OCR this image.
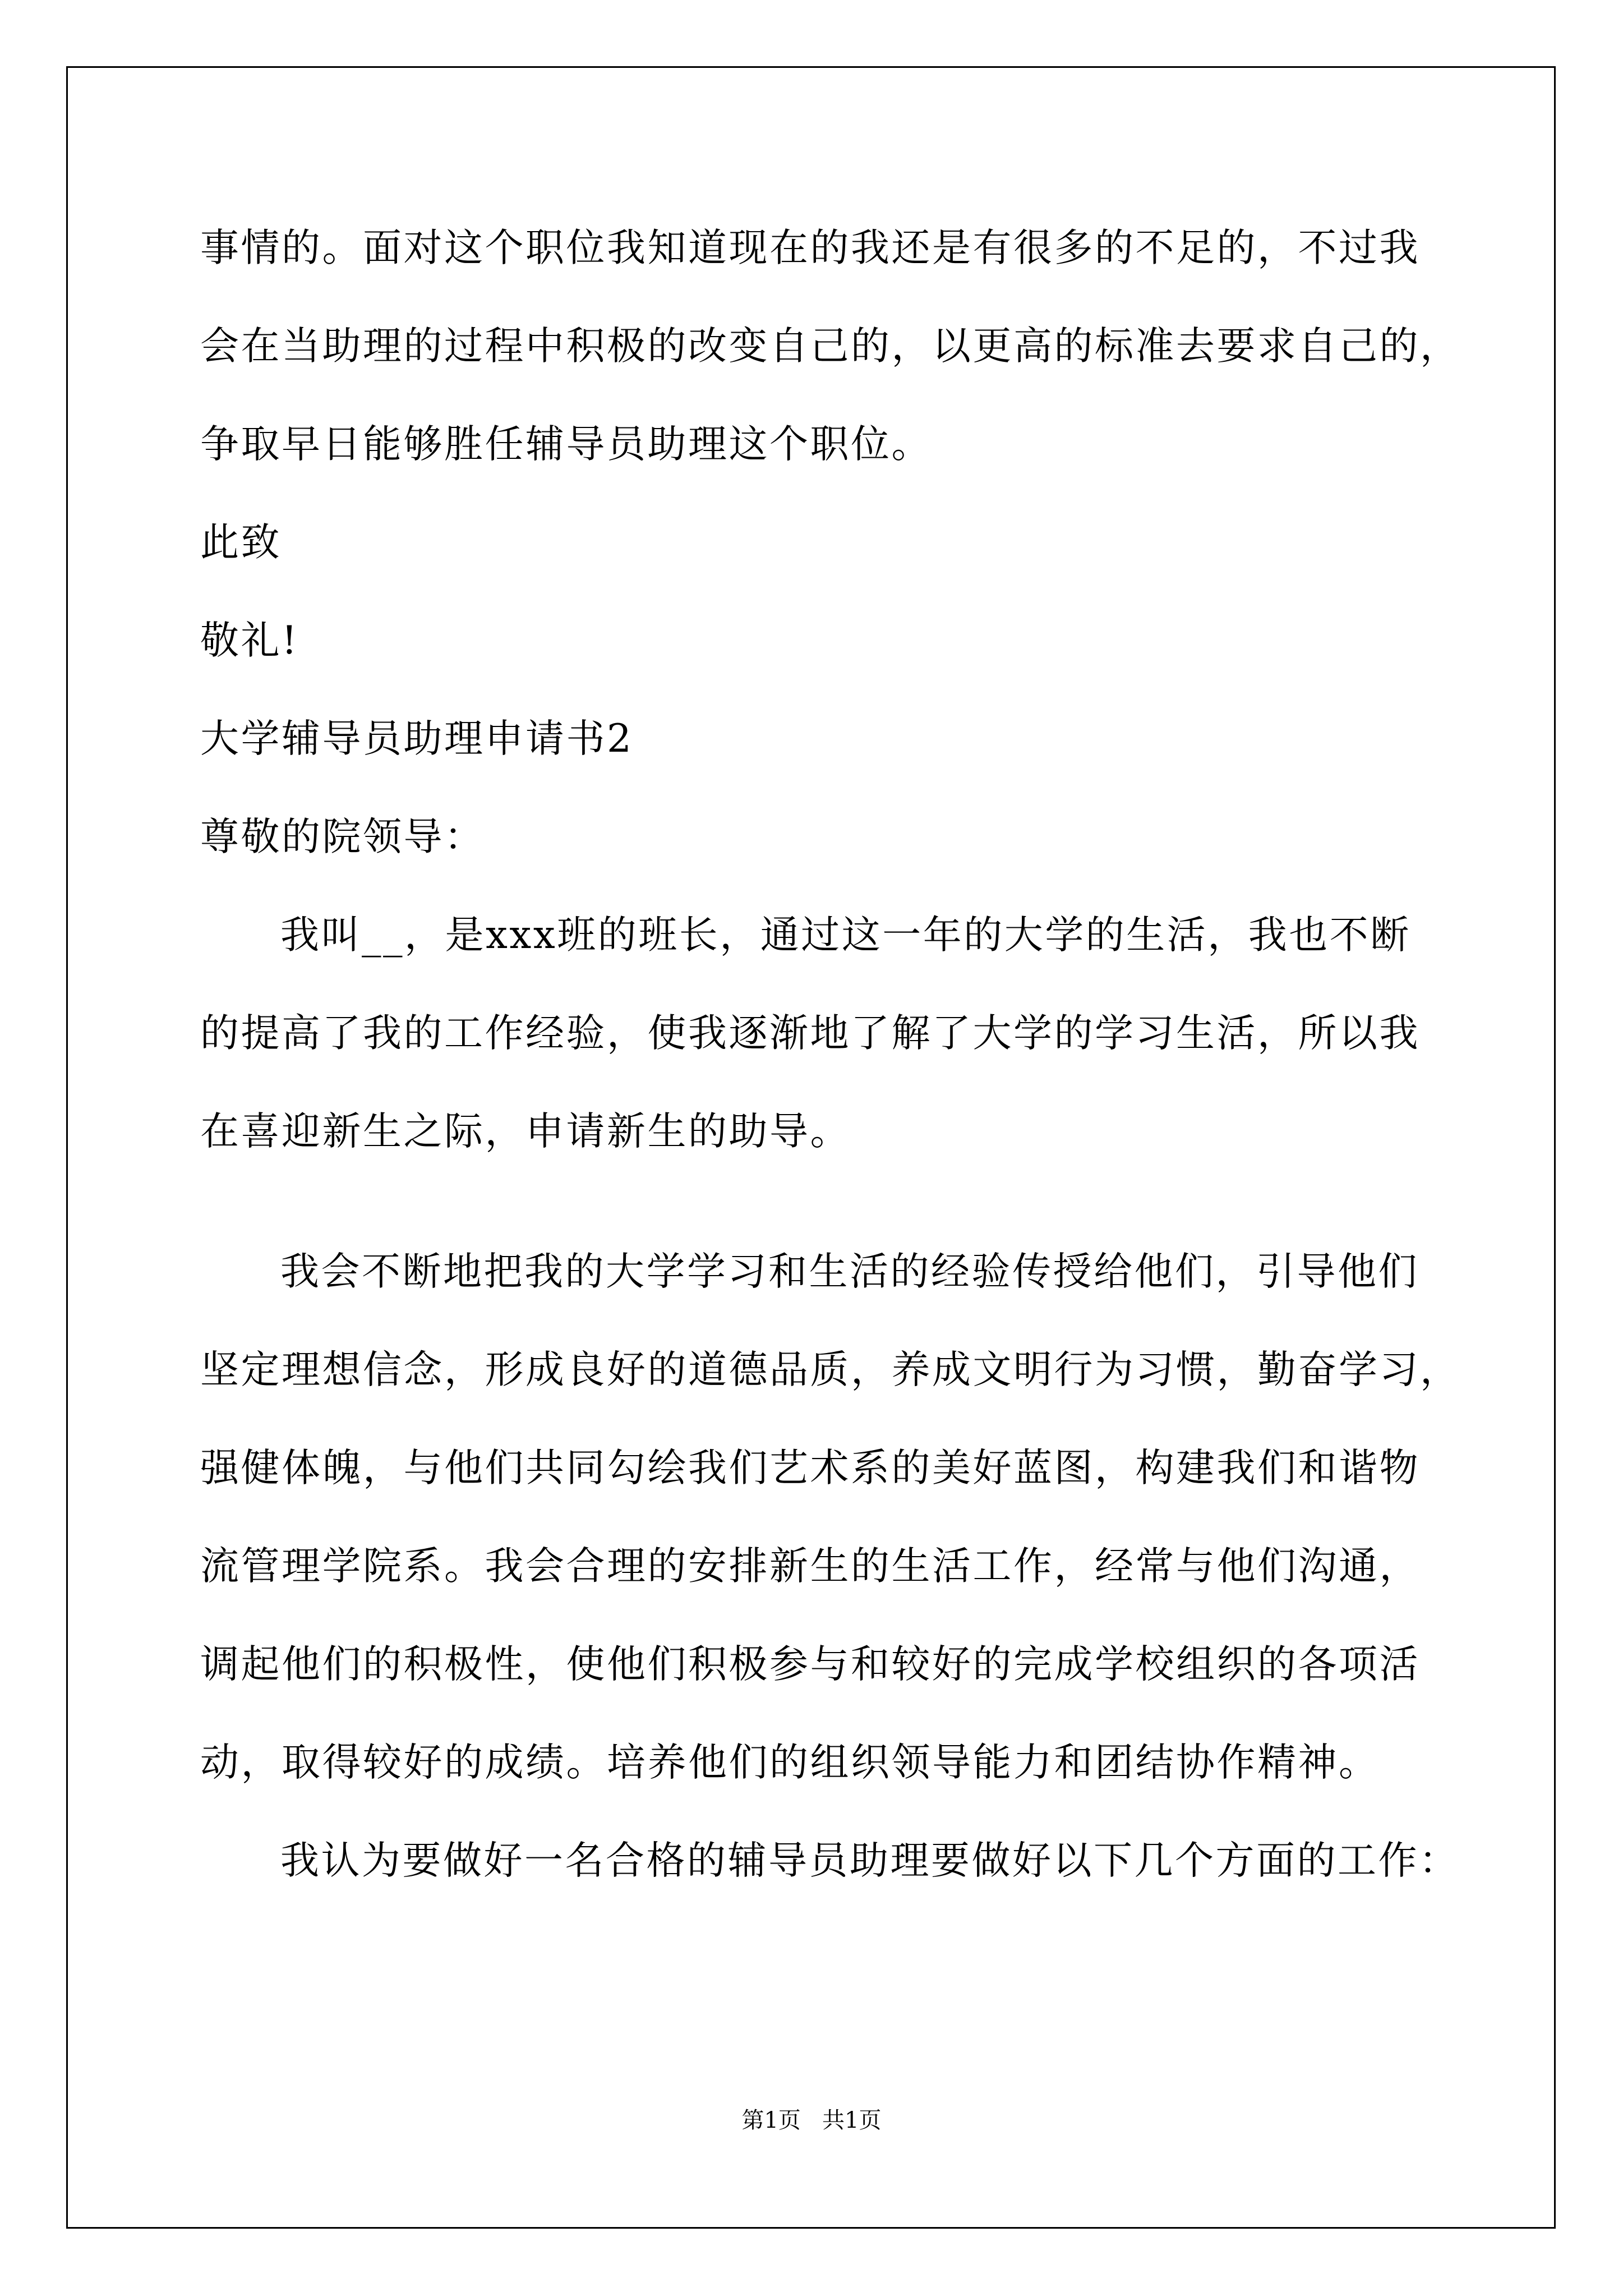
事情的。面对这个职位我知道现在的我还是有很多的不足的，不过我

会在当助理的过程中积极的改变自己的，以更高的标准去要求自己的，

争取早日能够胜任辅导员助理这个职位。

此致

敬礼!

大学辅导员助理申请书2

尊敬的院领导：

我叫__，是xxx班的班长，通过这一年的大学的生活，我也不断

的提高了我的工作经验，使我逐渐地了解了大学的学习生活，所以我

在喜迎新生之际，申请新生的助导。

我会不断地把我的大学学习和生活的经验传授给他们，引导他们

坚定理想信念，形成良好的道德品质，养成文明行为习惯，勤奋学习，

强健体魄，与他们共同勾绘我们艺术系的美好蓝图，构建我们和谐物

流管理学院系。我会合理的安排新生的生活工作，经常与他们沟通，

调起他们的积极性，使他们积极参与和较好的完成学校组织的各项活

动，取得较好的成绩。培养他们的组织领导能力和团结协作精神。

我认为要做好一名合格的辅导员助理要做好以下几个方面的工作：

第1页   共1页
